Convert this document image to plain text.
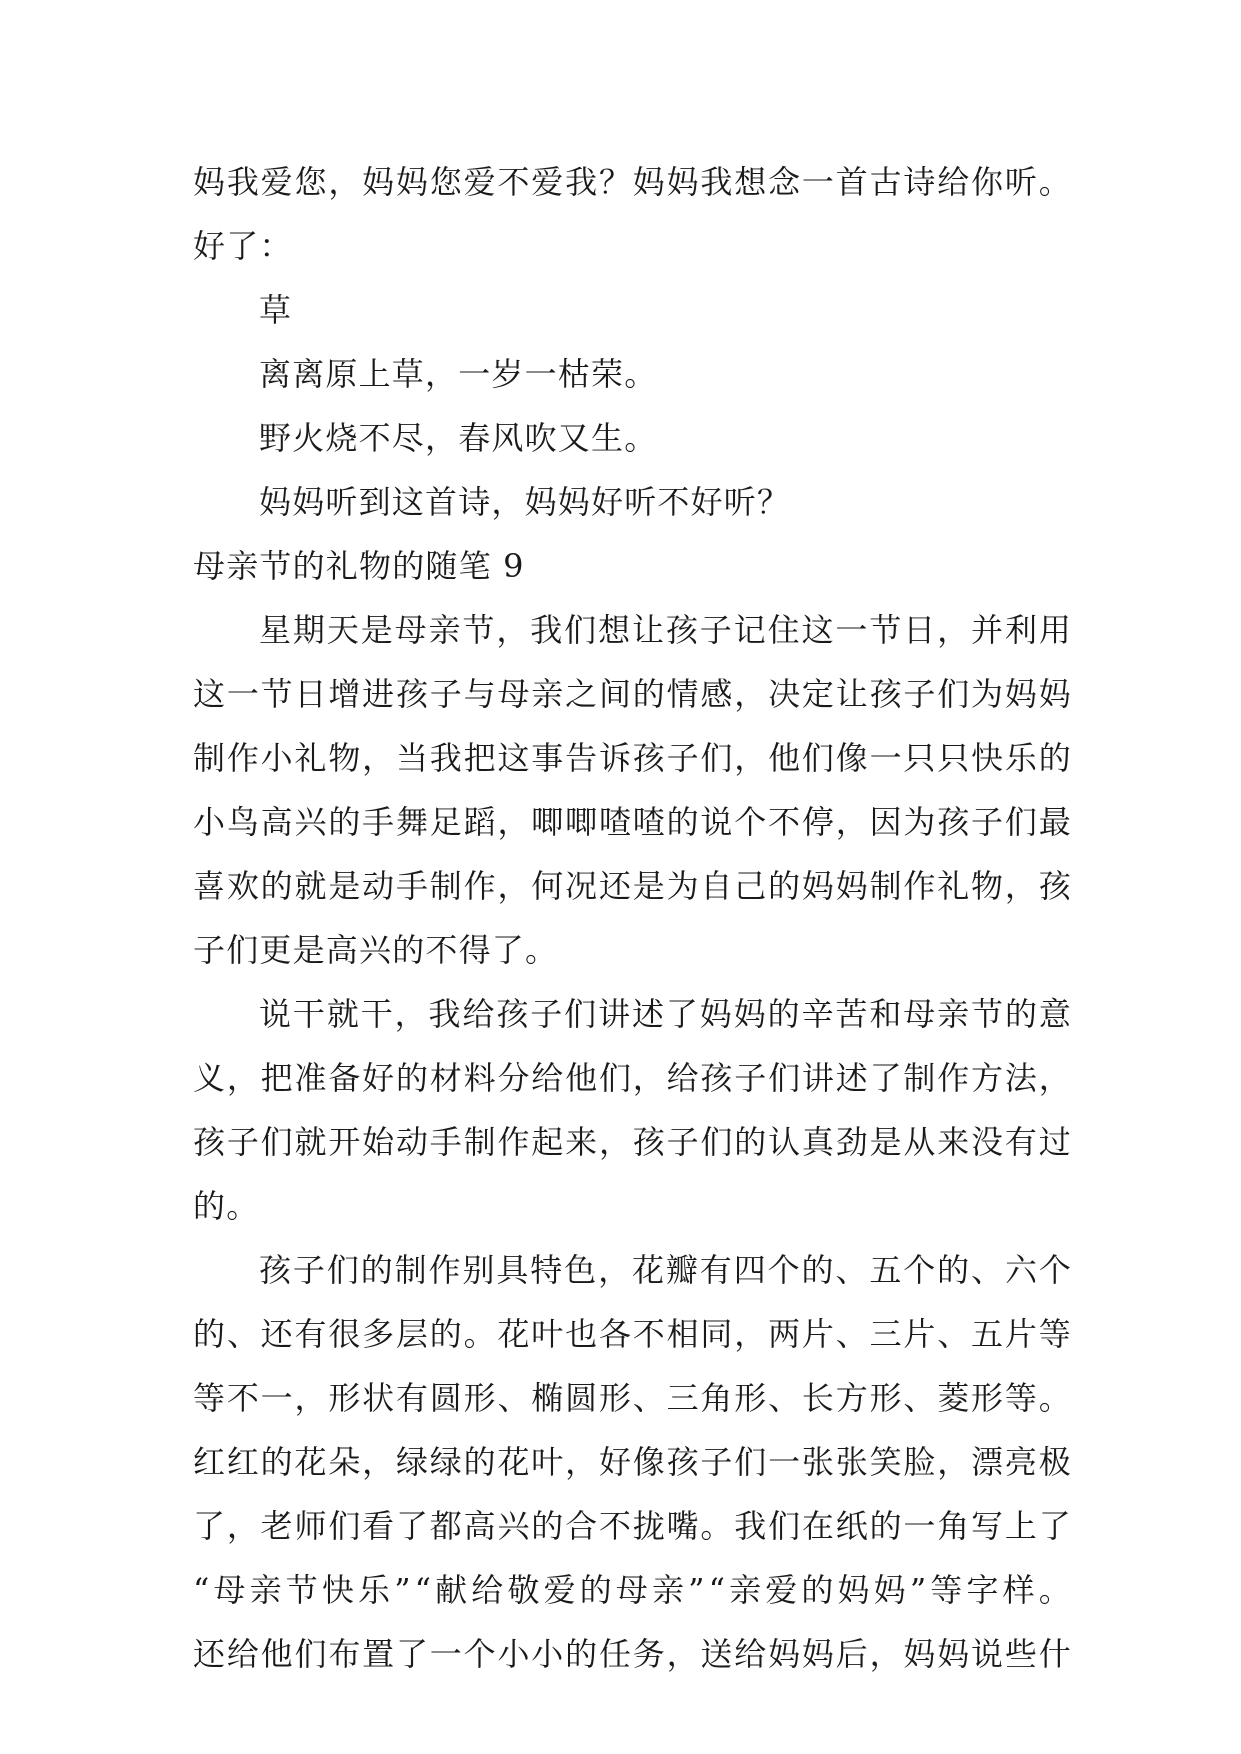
妈 我 爱 您 ， 妈 妈 您 爱 不 爱 我 ？ 妈 妈 我 想 念 一 首 古 诗 给 你 听 。
好了：
草
离离原上草，一岁一枯荣。
野火烧不尽，春风吹又生。
妈妈听到这首诗，妈妈好听不好听？
母亲节的礼物的随笔 9
星 期 天 是 母 亲 节 ， 我 们 想 让 孩 子 记 住 这 一 节 日 ， 并 利 用
这 一 节 日 增 进 孩 子 与 母 亲 之 间 的 情 感 ， 决 定 让 孩 子 们 为 妈 妈
制 作 小 礼 物 ， 当 我 把 这 事 告 诉 孩 子 们 ， 他 们 像 一 只 只 快 乐 的
小 鸟 高 兴 的 手 舞 足 蹈 ， 唧 唧 喳 喳 的 说 个 不 停 ， 因 为 孩 子 们 最
喜 欢 的 就 是 动 手 制 作 ， 何 况 还 是 为 自 己 的 妈 妈 制 作 礼 物 ， 孩
子们更是高兴的不得了。
说 干 就 干 ， 我 给 孩 子 们 讲 述 了 妈 妈 的 辛 苦 和 母 亲 节 的 意
义 ， 把 准 备 好 的 材 料 分 给 他 们 ， 给 孩 子 们 讲 述 了 制 作 方 法 ，
孩 子 们 就 开 始 动 手 制 作 起 来 ， 孩 子 们 的 认 真 劲 是 从 来 没 有 过
的。
孩 子 们 的 制 作 别 具 特 色 ， 花 瓣 有 四 个 的 、 五 个 的 、 六 个
的 、 还 有 很 多 层 的 。 花 叶 也 各 不 相 同 ， 两 片 、 三 片 、 五 片 等
等 不 一 ， 形 状 有 圆 形 、 椭 圆 形 、 三 角 形 、 长 方 形 、 菱 形 等 。
红 红 的 花 朵 ， 绿 绿 的 花 叶 ， 好 像 孩 子 们 一 张 张 笑 脸 ， 漂 亮 极
了 ， 老 师 们 看 了 都 高 兴 的 合 不 拢 嘴 。 我 们 在 纸 的 一 角 写 上 了
“ 母 亲 节 快 乐 ” “ 献 给 敬 爱 的 母 亲 ” “ 亲 爱 的 妈 妈 ” 等 字 样 。
还 给 他 们 布 置 了 一 个 小 小 的 任 务 ， 送 给 妈 妈 后 ， 妈 妈 说 些 什
